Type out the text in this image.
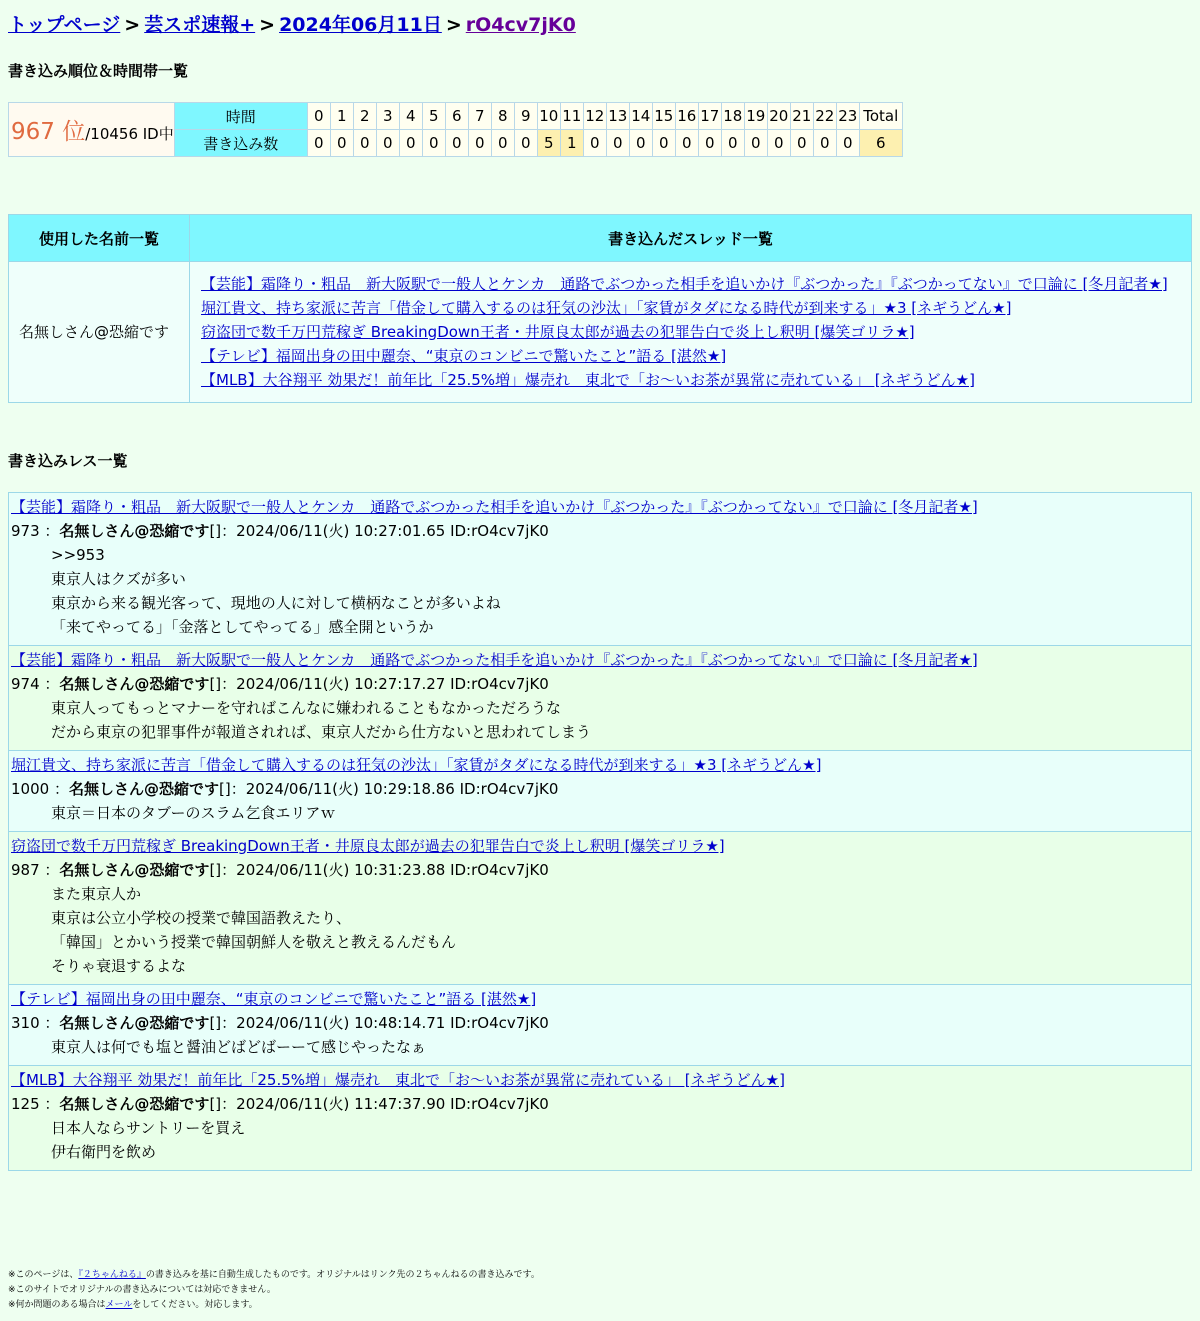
トップページ > 芸スポ速報+ > 2024年06月11日 > rO4cv7jK0
書き込み順位＆時間帯一覧
967 位/10456 ID中	時間	0	1	2	3	4	5	6	7	8	9	10	11	12	13	14	15	16	17	18	19	20	21	22	23	Total
	書き込み数	0	0	0	0	0	0	0	0	0	0	5	1	0	0	0	0	0	0	0	0	0	0	0	0	6
使用した名前一覧	書き込んだスレッド一覧
名無しさん@恐縮です	【芸能】霜降り・粗品　新大阪駅で一般人とケンカ　通路でぶつかった相手を追いかけ『ぶつかった』『ぶつかってない』で口論に [冬月記者★]
堀江貴文、持ち家派に苦言「借金して購入するのは狂気の沙汰」「家賃がタダになる時代が到来する」★3 [ネギうどん★]
窃盗団で数千万円荒稼ぎ BreakingDown王者・井原良太郎が過去の犯罪告白で炎上し釈明 [爆笑ゴリラ★]
【テレビ】福岡出身の田中麗奈、“東京のコンビニで驚いたこと”語る [湛然★]
【MLB】大谷翔平 効果だ！前年比「25.5%増」爆売れ　東北で「お～いお茶が異常に売れている」 [ネギうどん★]
書き込みレス一覧
【芸能】霜降り・粗品　新大阪駅で一般人とケンカ　通路でぶつかった相手を追いかけ『ぶつかった』『ぶつかってない』で口論に [冬月記者★]
973 ：名無しさん@恐縮です[]：2024/06/11(火) 10:27:01.65 ID:rO4cv7jK0
>>953
東京人はクズが多い
東京から来る観光客って、現地の人に対して横柄なことが多いよね
「来てやってる」「金落としてやってる」感全開というか
【芸能】霜降り・粗品　新大阪駅で一般人とケンカ　通路でぶつかった相手を追いかけ『ぶつかった』『ぶつかってない』で口論に [冬月記者★]
974 ：名無しさん@恐縮です[]：2024/06/11(火) 10:27:17.27 ID:rO4cv7jK0
東京人ってもっとマナーを守ればこんなに嫌われることもなかっただろうな
だから東京の犯罪事件が報道されれば、東京人だから仕方ないと思われてしまう
堀江貴文、持ち家派に苦言「借金して購入するのは狂気の沙汰」「家賃がタダになる時代が到来する」★3 [ネギうどん★]
1000 ：名無しさん@恐縮です[]：2024/06/11(火) 10:29:18.86 ID:rO4cv7jK0
東京＝日本のタブーのスラム乞食エリアｗ
窃盗団で数千万円荒稼ぎ BreakingDown王者・井原良太郎が過去の犯罪告白で炎上し釈明 [爆笑ゴリラ★]
987 ：名無しさん@恐縮です[]：2024/06/11(火) 10:31:23.88 ID:rO4cv7jK0
また東京人か
東京は公立小学校の授業で韓国語教えたり、
「韓国」とかいう授業で韓国朝鮮人を敬えと教えるんだもん
そりゃ衰退するよな
【テレビ】福岡出身の田中麗奈、“東京のコンビニで驚いたこと”語る [湛然★]
310 ：名無しさん@恐縮です[]：2024/06/11(火) 10:48:14.71 ID:rO4cv7jK0
東京人は何でも塩と醤油どばどばーーて感じやったなぁ
【MLB】大谷翔平 効果だ！前年比「25.5%増」爆売れ　東北で「お～いお茶が異常に売れている」 [ネギうどん★]
125 ：名無しさん@恐縮です[]：2024/06/11(火) 11:47:37.90 ID:rO4cv7jK0
日本人ならサントリーを買え
伊右衛門を飲め
※このページは、『２ちゃんねる』の書き込みを基に自動生成したものです。オリジナルはリンク先の２ちゃんねるの書き込みです。
※このサイトでオリジナルの書き込みについては対応できません。
※何か問題のある場合はメールをしてください。対応します。
